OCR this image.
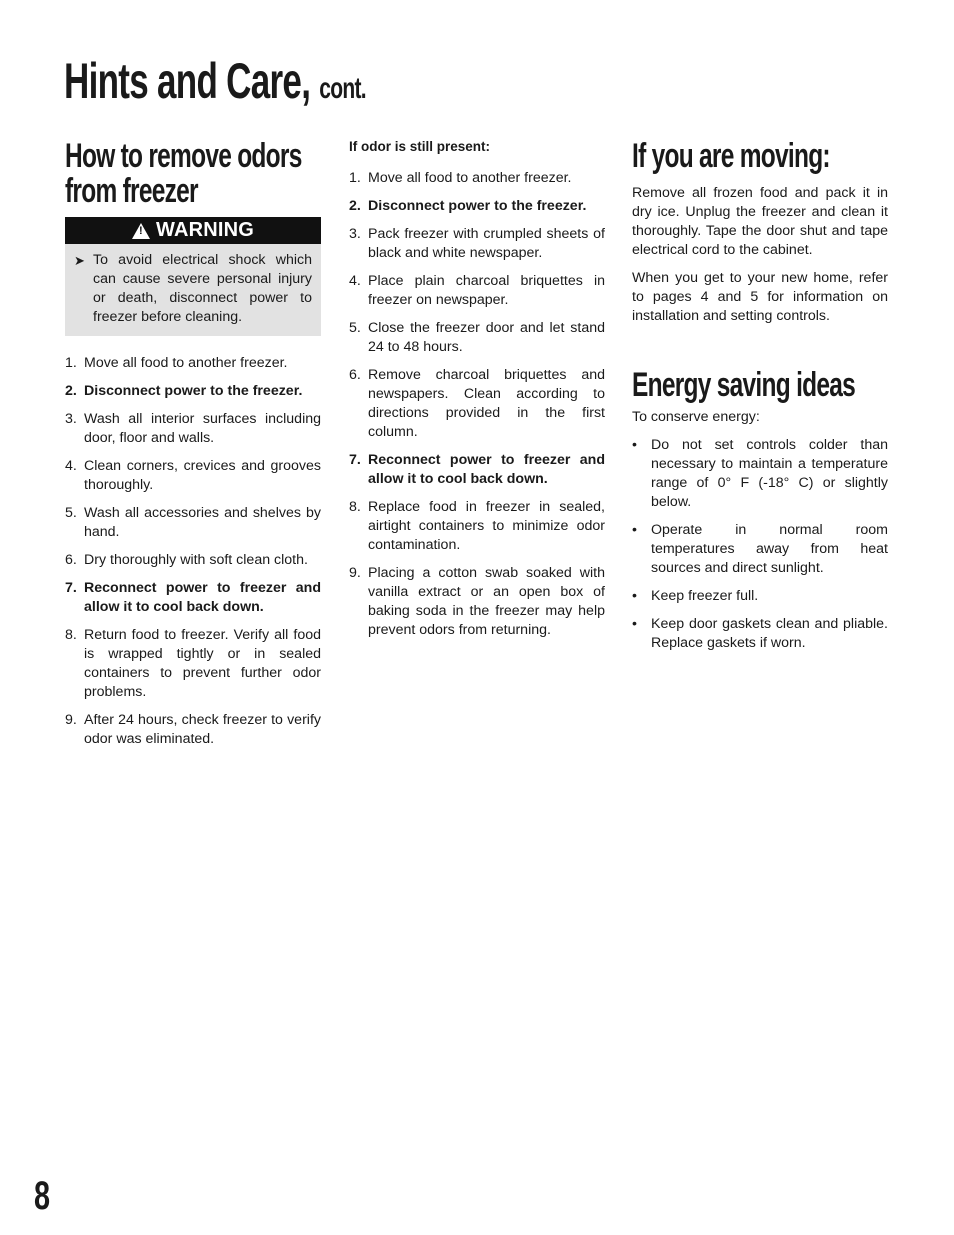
Hints and Care, cont.
How to remove odors
from freezer
!
WARNING
➤ To avoid electrical shock which can cause severe personal injury or death, disconnect power to freezer before cleaning.
1. Move all food to another freezer.
2. Disconnect power to the freezer.
3. Wash all interior surfaces including door, floor and walls.
4. Clean corners, crevices and grooves thoroughly.
5. Wash all accessories and shelves by hand.
6. Dry thoroughly with soft clean cloth.
7. Reconnect power to freezer and allow it to cool back down.
8. Return food to freezer. Verify all food is wrapped tightly or in sealed containers to prevent further odor problems.
9. After 24 hours, check freezer to verify odor was eliminated.
If odor is still present:
1. Move all food to another freezer.
2. Disconnect power to the freezer.
3. Pack freezer with crumpled sheets of black and white newspaper.
4. Place plain charcoal briquettes in freezer on newspaper.
5. Close the freezer door and let stand 24 to 48 hours.
6. Remove charcoal briquettes and newspapers. Clean according to directions provided in the first column.
7. Reconnect power to freezer and allow it to cool back down.
8. Replace food in freezer in sealed, airtight containers to minimize odor contamination.
9. Placing a cotton swab soaked with vanilla extract or an open box of baking soda in the freezer may help prevent odors from returning.
If you are moving:

Remove all frozen food and pack it in dry ice. Unplug the freezer and clean it thoroughly. Tape the door shut and tape electrical cord to the cabinet.

When you get to your new home, refer to pages 4 and 5 for information on installation and setting controls.

Energy saving ideas

To conserve energy:

• Do not set controls colder than necessary to maintain a temperature range of 0° F (-18° C) or slightly below.
• Operate in normal room temperatures away from heat sources and direct sunlight.
• Keep freezer full.
• Keep door gaskets clean and pliable. Replace gaskets if worn.
8
